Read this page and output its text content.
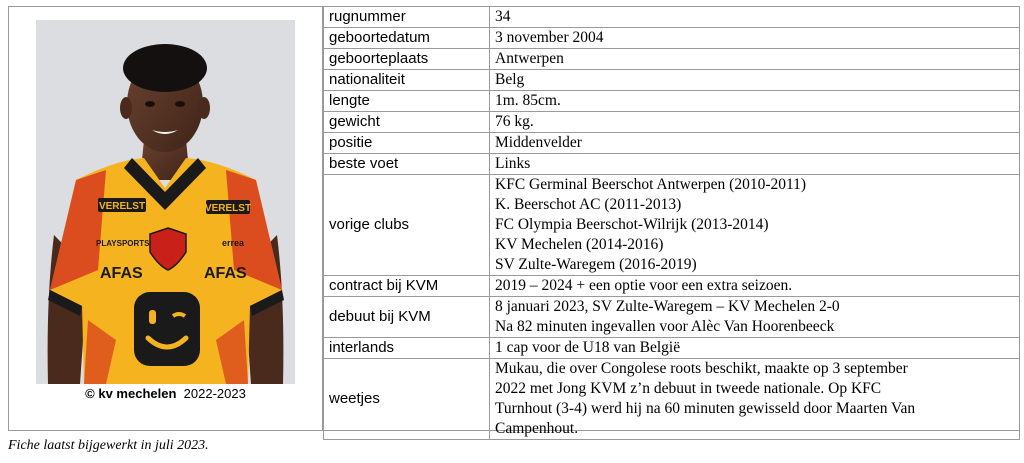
VERELST	VERELST
PLAYSPORTS	errea
AFAS	AFAS
© kv mechelen 2022-2023
rugnummer	34

geboortedatum	3 november 2004

geboorteplaats	Antwerpen

nationaliteit	Belg

lengte	1m. 85cm.

gewicht	76 kg.

positie	Middenvelder

beste voet	Links

vorige clubs	KFC Germinal Beerschot Antwerpen (2010-2011)
K. Beerschot AC (2011-2013)
FC Olympia Beerschot-Wilrijk (2013-2014)
KV Mechelen (2014-2016)
SV Zulte-Waregem (2016-2019)

contract bij KVM	2019 – 2024 + een optie voor een extra seizoen.

debuut bij KVM	8 januari 2023, SV Zulte-Waregem – KV Mechelen 2-0
Na 82 minuten ingevallen voor Alèc Van Hoorenbeeck

interlands	1 cap voor de U18 van België

weetjes	Mukau, die over Congolese roots beschikt, maakte op 3 september
2022 met Jong KVM z’n debuut in tweede nationale. Op KFC
Turnhout (3-4) werd hij na 60 minuten gewisseld door Maarten Van
Campenhout.
Fiche laatst bijgewerkt in juli 2023.
